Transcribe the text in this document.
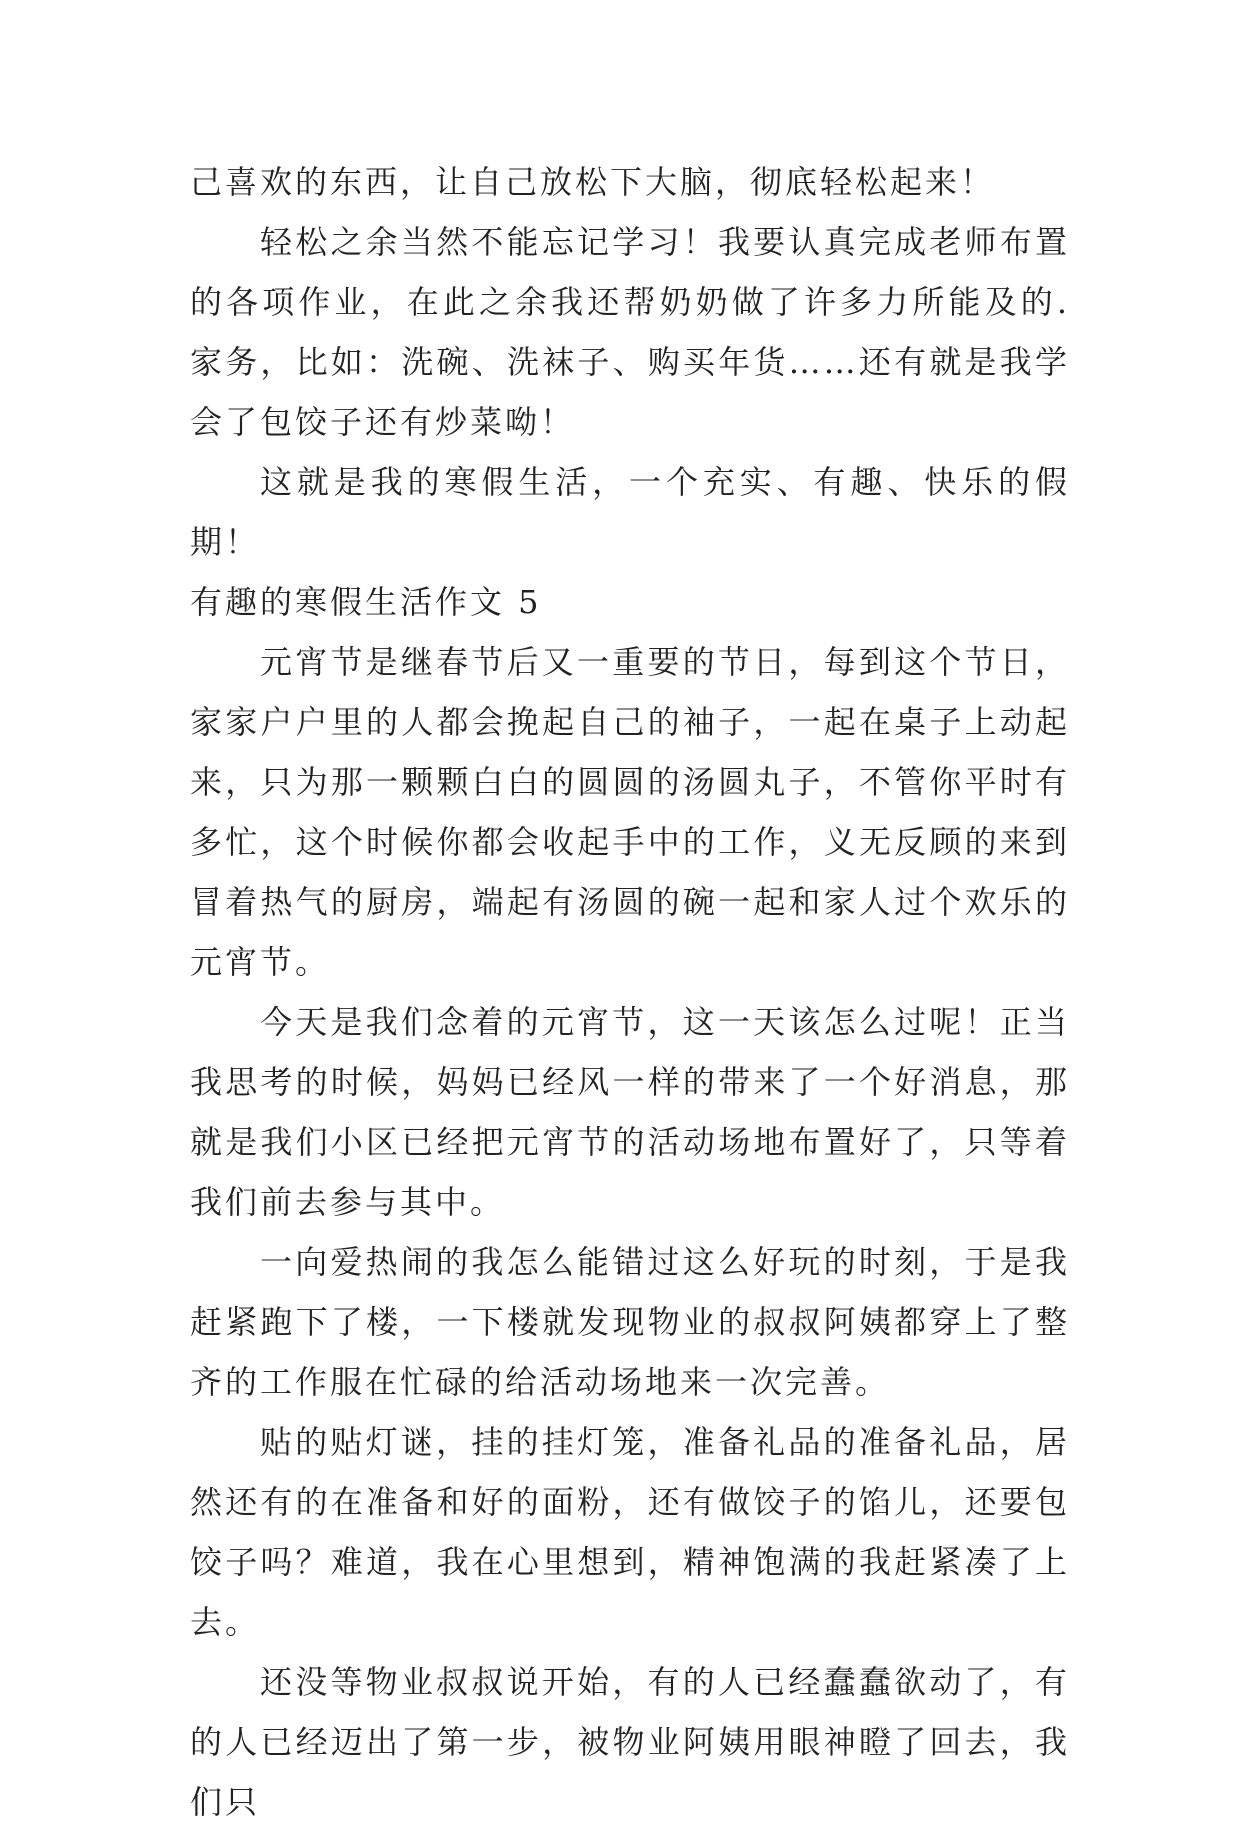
己喜欢的东西，让自己放松下大脑，彻底轻松起来！

轻松之余当然不能忘记学习！我要认真完成老师布置的各项作业，在此之余我还帮奶奶做了许多力所能及的.家务，比如：洗碗、洗袜子、购买年货……还有就是我学会了包饺子还有炒菜呦！

这就是我的寒假生活，一个充实、有趣、快乐的假期！

有趣的寒假生活作文 5

元宵节是继春节后又一重要的节日，每到这个节日，家家户户里的人都会挽起自己的袖子，一起在桌子上动起来，只为那一颗颗白白的圆圆的汤圆丸子，不管你平时有多忙，这个时候你都会收起手中的工作，义无反顾的来到冒着热气的厨房，端起有汤圆的碗一起和家人过个欢乐的元宵节。

今天是我们念着的元宵节，这一天该怎么过呢！正当我思考的时候，妈妈已经风一样的带来了一个好消息，那就是我们小区已经把元宵节的活动场地布置好了，只等着我们前去参与其中。

一向爱热闹的我怎么能错过这么好玩的时刻，于是我赶紧跑下了楼，一下楼就发现物业的叔叔阿姨都穿上了整齐的工作服在忙碌的给活动场地来一次完善。

贴的贴灯谜，挂的挂灯笼，准备礼品的准备礼品，居然还有的在准备和好的面粉，还有做饺子的馅儿，还要包饺子吗？难道，我在心里想到，精神饱满的我赶紧凑了上去。

还没等物业叔叔说开始，有的人已经蠢蠢欲动了，有的人已经迈出了第一步，被物业阿姨用眼神瞪了回去，我们只
